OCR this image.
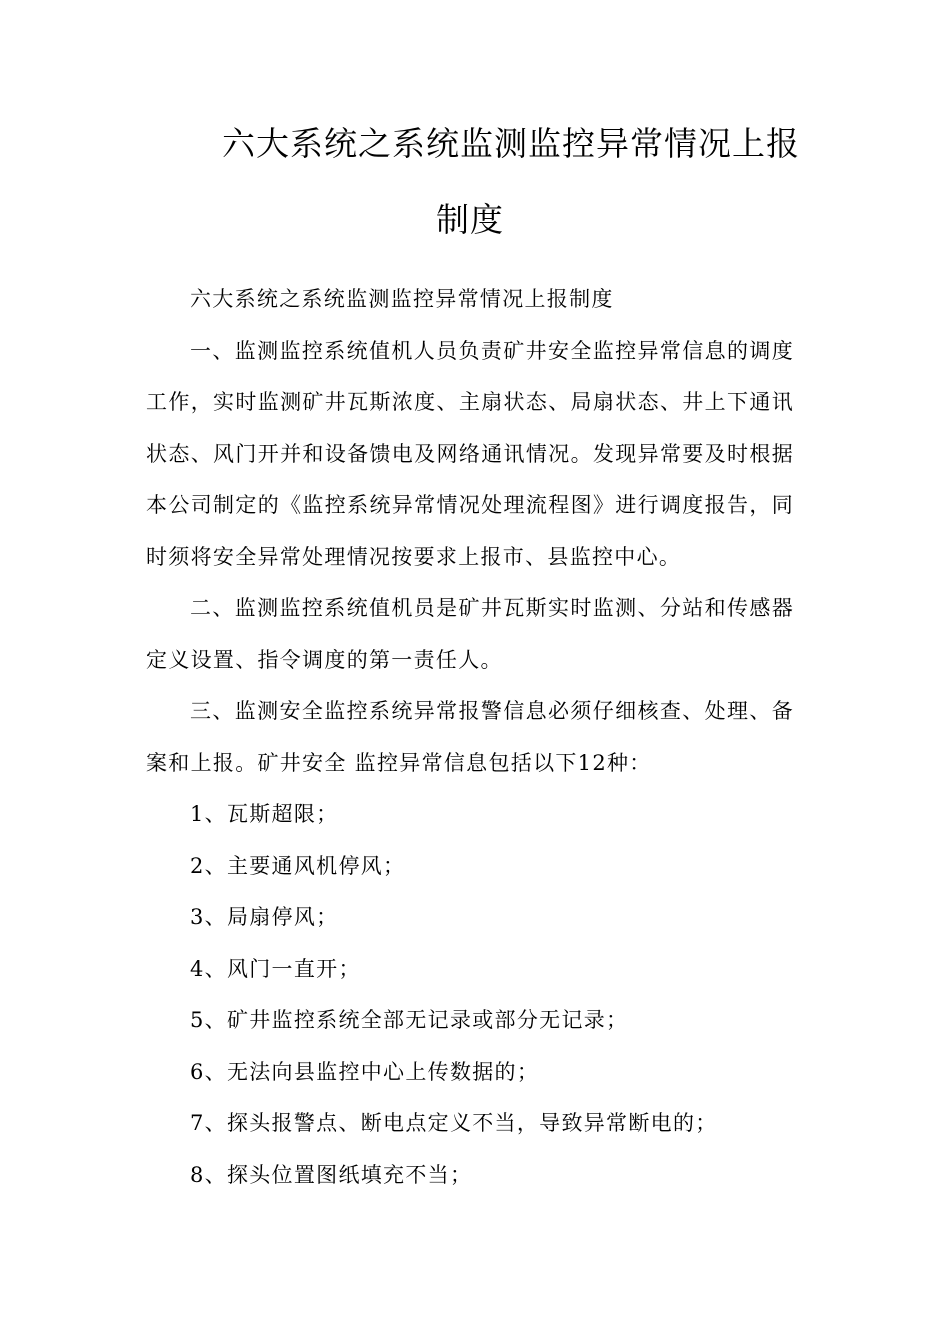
六大系统之系统监测监控异常情况上报
制度

六大系统之系统监测监控异常情况上报制度

一、监测监控系统值机人员负责矿井安全监控异常信息的调度工作，实时监测矿井瓦斯浓度、主扇状态、局扇状态、井上下通讯状态、风门开并和设备馈电及网络通讯情况。发现异常要及时根据本公司制定的《监控系统异常情况处理流程图》进行调度报告，同时须将安全异常处理情况按要求上报市、县监控中心。

二、监测监控系统值机员是矿井瓦斯实时监测、分站和传感器定义设置、指令调度的第一责任人。

三、监测安全监控系统异常报警信息必须仔细核查、处理、备案和上报。矿井安全 监控异常信息包括以下12种：

1、瓦斯超限；

2、主要通风机停风；

3、局扇停风；

4、风门一直开；

5、矿井监控系统全部无记录或部分无记录；

6、无法向县监控中心上传数据的；

7、探头报警点、断电点定义不当，导致异常断电的；

8、探头位置图纸填充不当；
